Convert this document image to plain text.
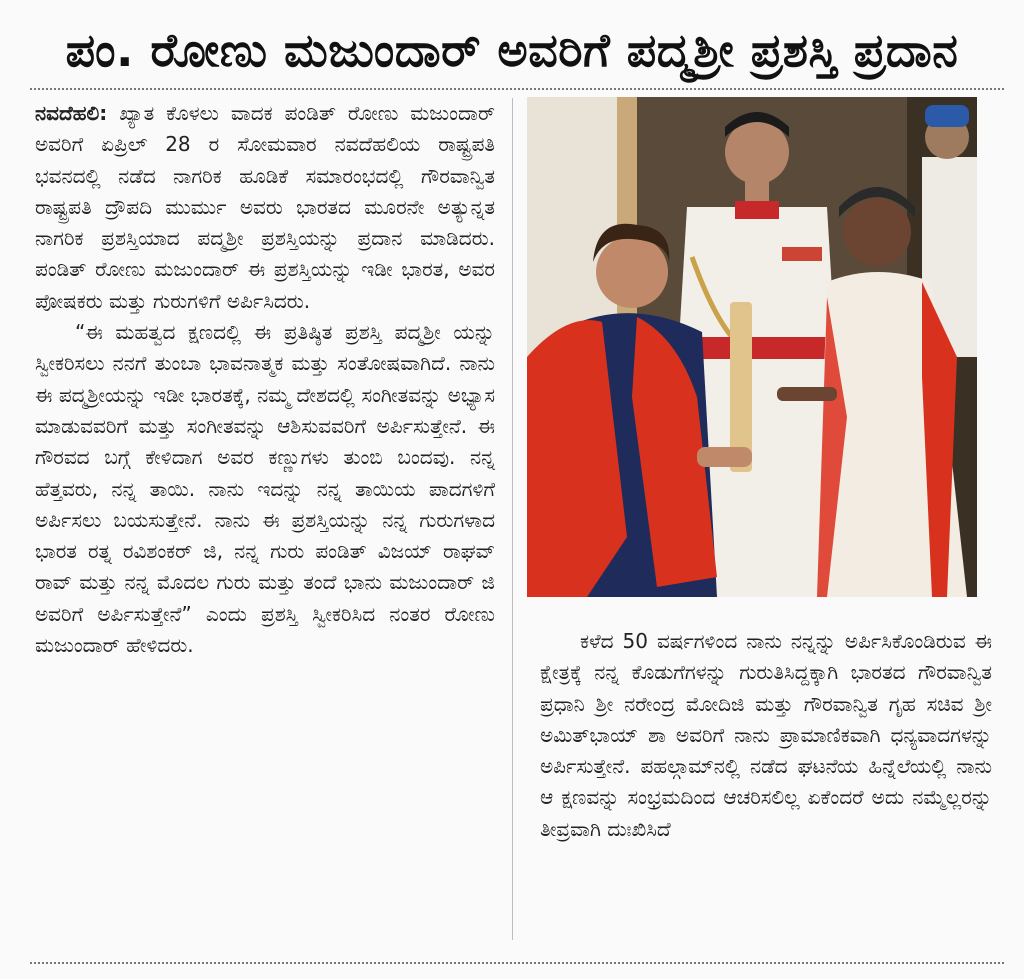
ಪಂ. ರೋಣು ಮಜುಂದಾರ್ ಅವರಿಗೆ ಪದ್ಮಶ್ರೀ ಪ್ರಶಸ್ತಿ ಪ್ರದಾನ

ನವದೆಹಲಿ: ಖ್ಯಾತ ಕೊಳಲು ವಾದಕ ಪಂಡಿತ್ ರೋಣು ಮಜುಂದಾರ್ ಅವರಿಗೆ ಏಪ್ರಿಲ್ 28 ರ ಸೋಮವಾರ ನವದೆಹಲಿಯ ರಾಷ್ಟ್ರಪತಿ ಭವನದಲ್ಲಿ ನಡೆದ ನಾಗರಿಕ ಹೂಡಿಕೆ ಸಮಾರಂಭದಲ್ಲಿ ಗೌರವಾನ್ವಿತ ರಾಷ್ಟ್ರಪತಿ ದ್ರೌಪದಿ ಮುರ್ಮು ಅವರು ಭಾರತದ ಮೂರನೇ ಅತ್ಯುನ್ನತ ನಾಗರಿಕ ಪ್ರಶಸ್ತಿಯಾದ ಪದ್ಮಶ್ರೀ ಪ್ರಶಸ್ತಿಯನ್ನು ಪ್ರದಾನ ಮಾಡಿದರು. ಪಂಡಿತ್ ರೋಣು ಮಜುಂದಾರ್ ಈ ಪ್ರಶಸ್ತಿಯನ್ನು ಇಡೀ ಭಾರತ, ಅವರ ಪೋಷಕರು ಮತ್ತು ಗುರುಗಳಿಗೆ ಅರ್ಪಿಸಿದರು.

“ಈ ಮಹತ್ವದ ಕ್ಷಣದಲ್ಲಿ ಈ ಪ್ರತಿಷ್ಠಿತ ಪ್ರಶಸ್ತಿ ಪದ್ಮಶ್ರೀ ಯನ್ನು ಸ್ವೀಕರಿಸಲು ನನಗೆ ತುಂಬಾ ಭಾವನಾತ್ಮಕ ಮತ್ತು ಸಂತೋಷವಾಗಿದೆ. ನಾನು ಈ ಪದ್ಮಶ್ರೀಯನ್ನು ಇಡೀ ಭಾರತಕ್ಕೆ, ನಮ್ಮ ದೇಶದಲ್ಲಿ ಸಂಗೀತವನ್ನು ಅಭ್ಯಾಸ ಮಾಡುವವರಿಗೆ ಮತ್ತು ಸಂಗೀತವನ್ನು ಆಶಿಸುವವರಿಗೆ ಅರ್ಪಿಸುತ್ತೇನೆ. ಈ ಗೌರವದ ಬಗ್ಗೆ ಕೇಳಿದಾಗ ಅವರ ಕಣ್ಣುಗಳು ತುಂಬಿ ಬಂದವು. ನನ್ನ ಹೆತ್ತವರು, ನನ್ನ ತಾಯಿ. ನಾನು ಇದನ್ನು ನನ್ನ ತಾಯಿಯ ಪಾದಗಳಿಗೆ ಅರ್ಪಿಸಲು ಬಯಸುತ್ತೇನೆ. ನಾನು ಈ ಪ್ರಶಸ್ತಿಯನ್ನು ನನ್ನ ಗುರುಗಳಾದ ಭಾರತ ರತ್ನ ರವಿಶಂಕರ್ ಜಿ, ನನ್ನ ಗುರು ಪಂಡಿತ್ ವಿಜಯ್ ರಾಘವ್ ರಾವ್ ಮತ್ತು ನನ್ನ ಮೊದಲ ಗುರು ಮತ್ತು ತಂದೆ ಭಾನು ಮಜುಂದಾರ್ ಜಿ ಅವರಿಗೆ ಅರ್ಪಿಸುತ್ತೇನೆ” ಎಂದು ಪ್ರಶಸ್ತಿ ಸ್ವೀಕರಿಸಿದ ನಂತರ ರೋಣು ಮಜುಂದಾರ್ ಹೇಳಿದರು.	ಕಳೆದ 50 ವರ್ಷಗಳಿಂದ ನಾನು ನನ್ನನ್ನು ಅರ್ಪಿಸಿಕೊಂಡಿರುವ ಈ ಕ್ಷೇತ್ರಕ್ಕೆ ನನ್ನ ಕೊಡುಗೆಗಳನ್ನು ಗುರುತಿಸಿದ್ದಕ್ಕಾಗಿ ಭಾರತದ ಗೌರವಾನ್ವಿತ ಪ್ರಧಾನಿ ಶ್ರೀ ನರೇಂದ್ರ ಮೋದಿಜಿ ಮತ್ತು ಗೌರವಾನ್ವಿತ ಗೃಹ ಸಚಿವ ಶ್ರೀ ಅಮಿತ್‌ಭಾಯ್ ಶಾ ಅವರಿಗೆ ನಾನು ಪ್ರಾಮಾಣಿಕವಾಗಿ ಧನ್ಯವಾದಗಳನ್ನು ಅರ್ಪಿಸುತ್ತೇನೆ. ಪಹಲ್ಗಾಮ್‌ನಲ್ಲಿ ನಡೆದ ಘಟನೆಯ ಹಿನ್ನೆಲೆಯಲ್ಲಿ ನಾನು ಆ ಕ್ಷಣವನ್ನು ಸಂಭ್ರಮದಿಂದ ಆಚರಿಸಲಿಲ್ಲ ಏಕೆಂದರೆ ಅದು ನಮ್ಮೆಲ್ಲರನ್ನು ತೀವ್ರವಾಗಿ ದುಃಖಿಸಿದೆ
